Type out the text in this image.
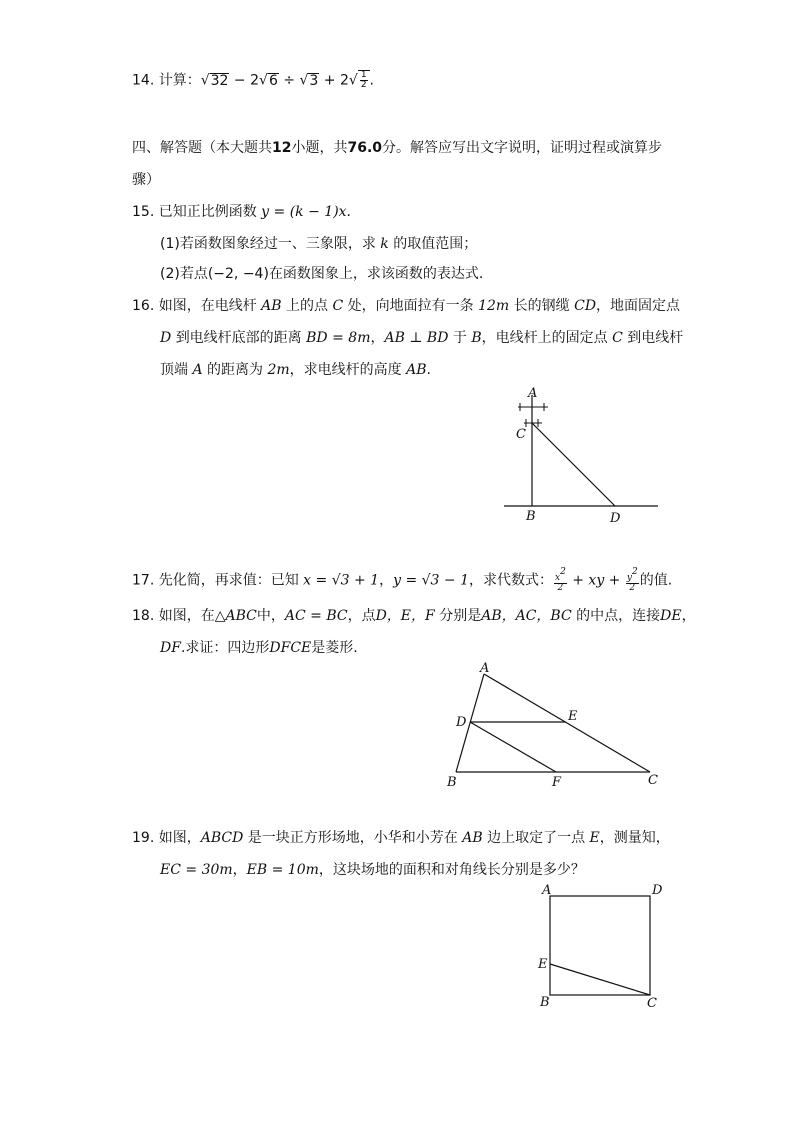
14. 计算：$√32 - 2√6 \div √3 + 2√ \frac{1}{2}$ .
四、解答题（本大题共12小题，共76.0分。解答应写出文字说明，证明过程或演算步
骤）
15. 已知正比例函数 y = (k − 1)x.
(1)若函数图象经过一、三象限，求 k 的取值范围；
(2)若点(−2, −4)在函数图象上，求该函数的表达式.
16. 如图，在电线杆 AB 上的点 C 处，向地面拉有一条 12m 长的钢缆 CD，地面固定点
D 到电线杆底部的距离 BD = 8m，AB ⊥ BD 于 B，电线杆上的固定点 C 到电线杆
顶端 A 的距离为 2m，求电线杆的高度 AB.
A
C
B	D
17. 先化简，再求值：已知 x = √3 + 1，y = √3 − 1，求代数式： $\frac{x2}{2}$ + xy + $\frac{y2}{2}$ 的值.
18. 如图，在△ABC中，AC = BC，点D，E，F 分别是AB，AC，BC 的中点，连接DE，
DF.求证：四边形DFCE是菱形.
A
D	E
B	F	C
19. 如图，ABCD 是一块正方形场地，小华和小芳在 AB 边上取定了一点 E，测量知，
EC = 30m，EB = 10m，这块场地的面积和对角线长分别是多少？
A	D
E
B	C
